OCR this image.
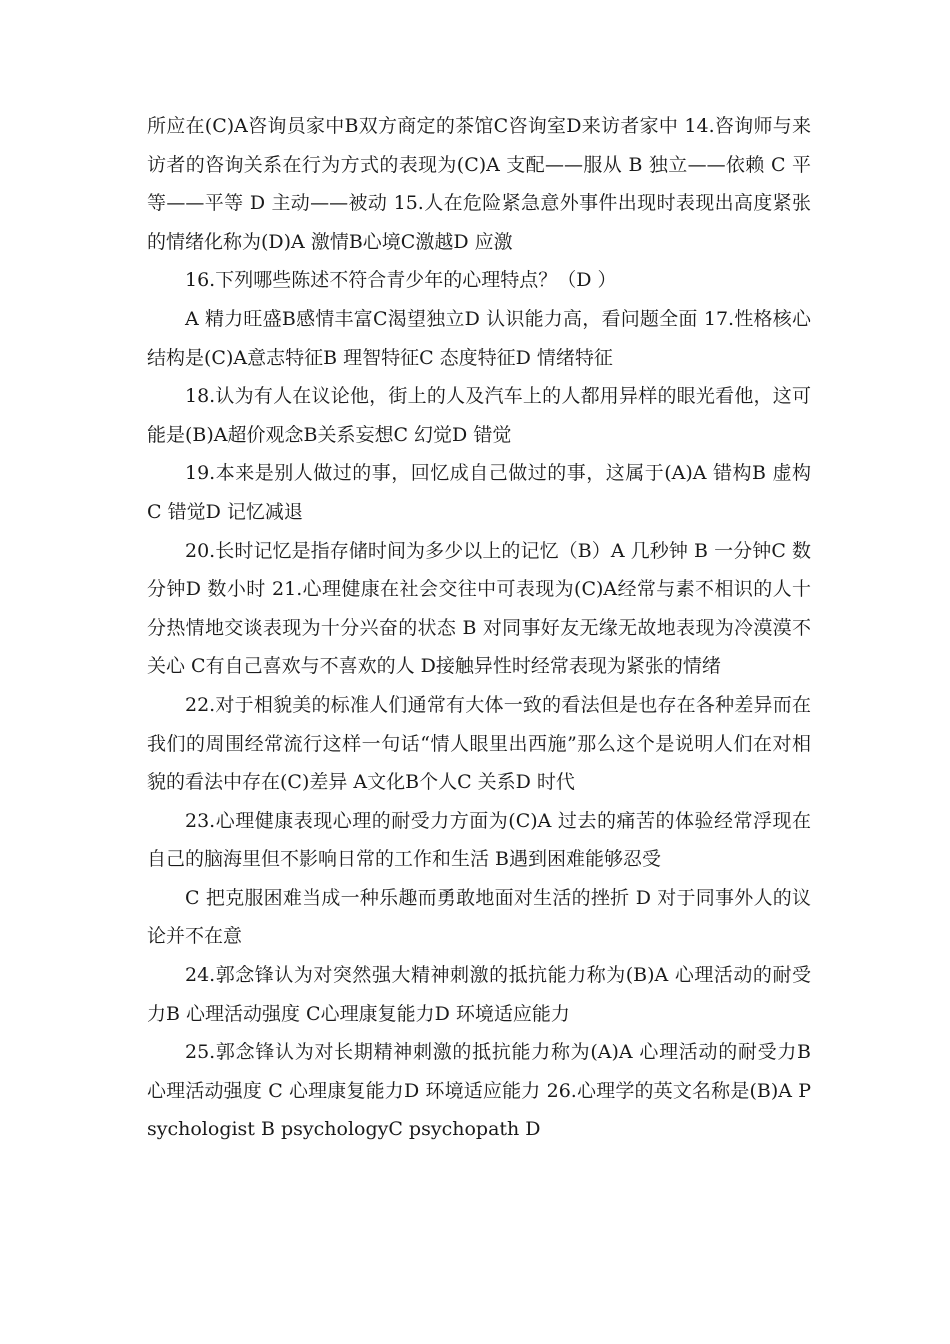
所应在(C)A咨询员家中B双方商定的茶馆C咨询室D来访者家中 14.咨询师与来访者的咨询关系在行为方式的表现为(C)A 支配——服从 B 独立——依赖 C 平等——平等 D 主动——被动 15.人在危险紧急意外事件出现时表现出高度紧张的情绪化称为(D)A 激情B心境C激越D 应激

16.下列哪些陈述不符合青少年的心理特点？（D ）

A 精力旺盛B感情丰富C渴望独立D 认识能力高，看问题全面 17.性格核心结构是(C)A意志特征B 理智特征C 态度特征D 情绪特征

18.认为有人在议论他，街上的人及汽车上的人都用异样的眼光看他，这可能是(B)A超价观念B关系妄想C 幻觉D 错觉

19.本来是别人做过的事，回忆成自己做过的事，这属于(A)A 错构B 虚构C 错觉D 记忆减退

20.长时记忆是指存储时间为多少以上的记忆（B）A 几秒钟 B 一分钟C 数分钟D 数小时 21.心理健康在社会交往中可表现为(C)A经常与素不相识的人十分热情地交谈表现为十分兴奋的状态 B 对同事好友无缘无故地表现为冷漠漠不关心 C有自己喜欢与不喜欢的人 D接触异性时经常表现为紧张的情绪

22.对于相貌美的标准人们通常有大体一致的看法但是也存在各种差异而在我们的周围经常流行这样一句话“情人眼里出西施”那么这个是说明人们在对相貌的看法中存在(C)差异 A文化B个人C 关系D 时代

23.心理健康表现心理的耐受力方面为(C)A 过去的痛苦的体验经常浮现在自己的脑海里但不影响日常的工作和生活 B遇到困难能够忍受

C 把克服困难当成一种乐趣而勇敢地面对生活的挫折 D 对于同事外人的议论并不在意

24.郭念锋认为对突然强大精神刺激的抵抗能力称为(B)A 心理活动的耐受力B 心理活动强度 C心理康复能力D 环境适应能力

25.郭念锋认为对长期精神刺激的抵抗能力称为(A)A 心理活动的耐受力B 心理活动强度 C 心理康复能力D 环境适应能力 26.心理学的英文名称是(B)A Psychologist B psychologyC psychopath D
